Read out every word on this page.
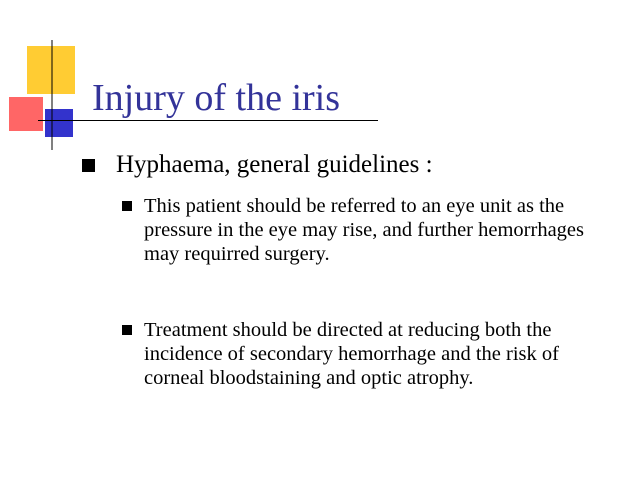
Injury of the iris
Hyphaema, general guidelines :
This patient should be referred to an eye unit as the pressure in the eye may rise, and further hemorrhages may requirred surgery.
Treatment should be directed at reducing both the incidence of secondary hemorrhage and the risk of corneal bloodstaining and optic atrophy.
